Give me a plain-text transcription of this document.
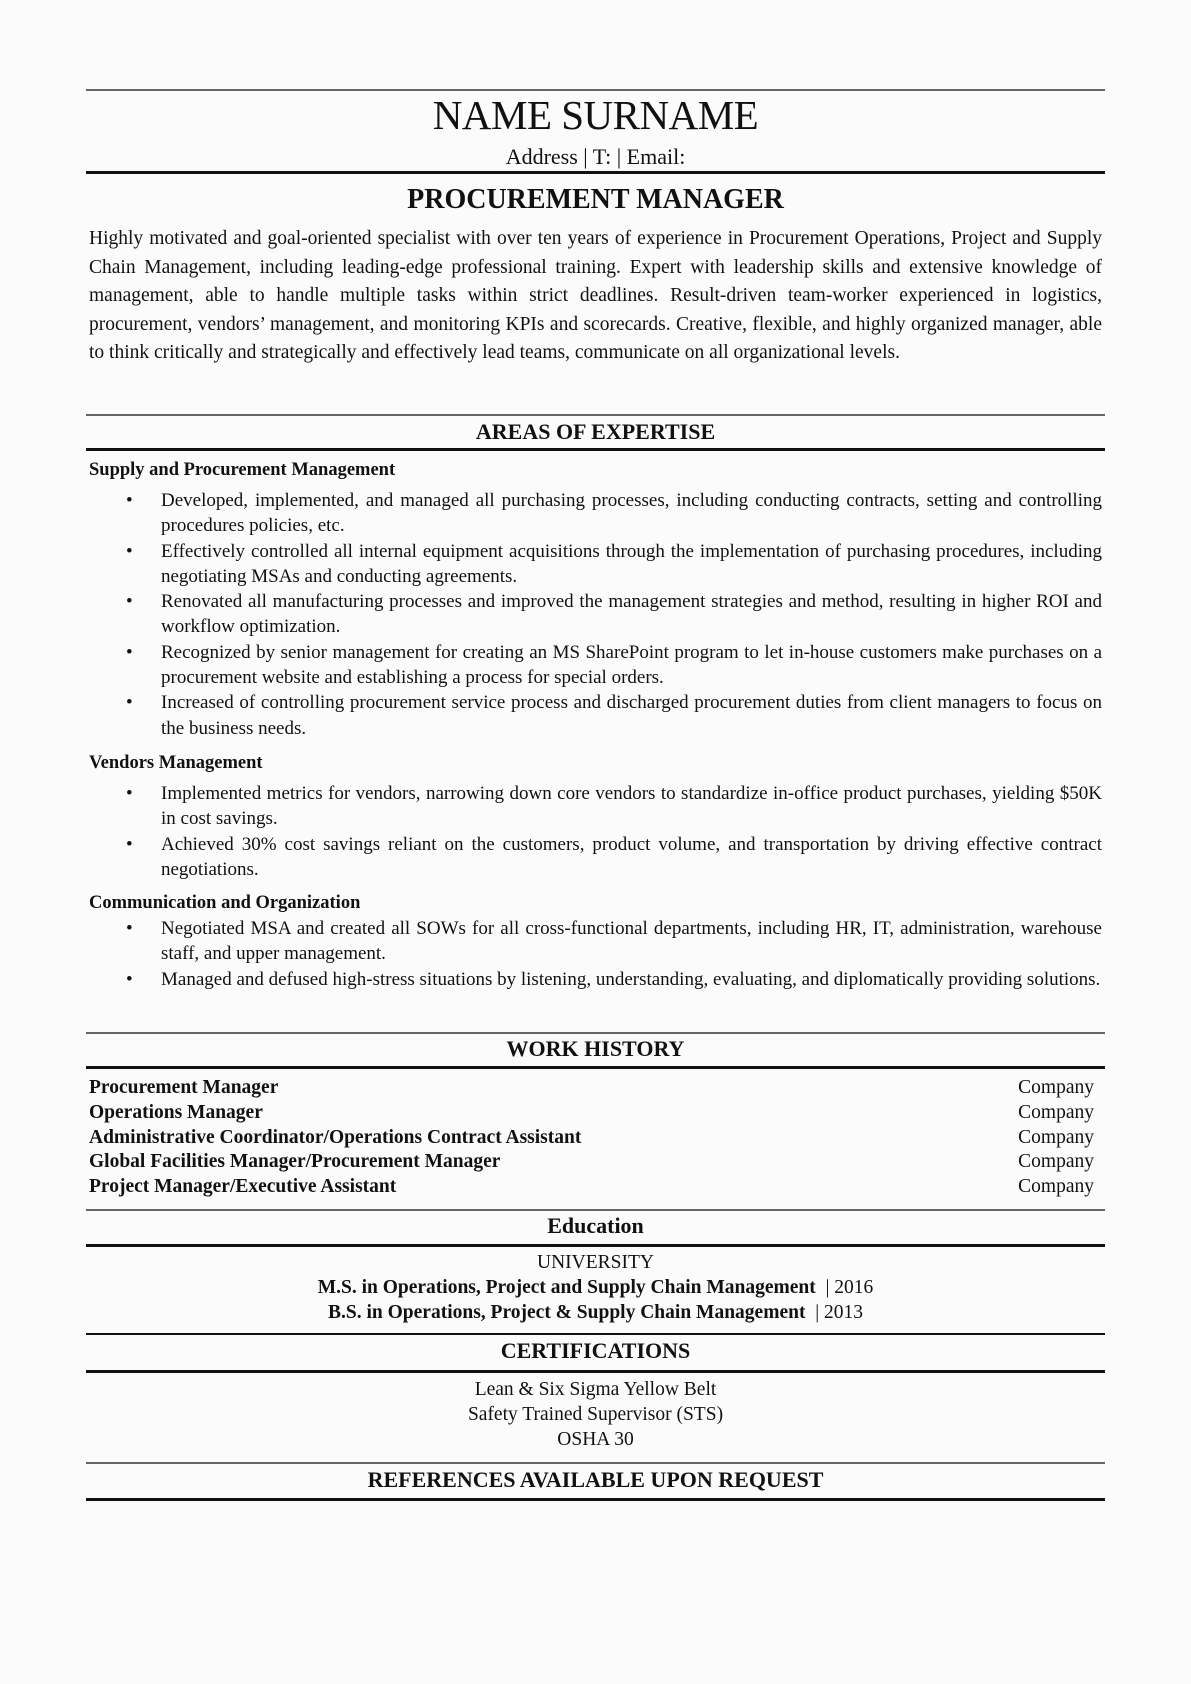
NAME SURNAME
Address | T: | Email:
PROCUREMENT MANAGER
Highly motivated and goal-oriented specialist with over ten years of experience in Procurement Operations, Project and Supply Chain Management, including leading-edge professional training. Expert with leadership skills and extensive knowledge of management, able to handle multiple tasks within strict deadlines. Result-driven team-worker experienced in logistics, procurement, vendors’ management, and monitoring KPIs and scorecards. Creative, flexible, and highly organized manager, able to think critically and strategically and effectively lead teams, communicate on all organizational levels.
AREAS OF EXPERTISE
Supply and Procurement Management
• Developed, implemented, and managed all purchasing processes, including conducting contracts, setting and controlling procedures policies, etc.
• Effectively controlled all internal equipment acquisitions through the implementation of purchasing procedures, including negotiating MSAs and conducting agreements.
• Renovated all manufacturing processes and improved the management strategies and method, resulting in higher ROI and workflow optimization.
• Recognized by senior management for creating an MS SharePoint program to let in-house customers make purchases on a procurement website and establishing a process for special orders.
• Increased of controlling procurement service process and discharged procurement duties from client managers to focus on the business needs.
Vendors Management
• Implemented metrics for vendors, narrowing down core vendors to standardize in-office product purchases, yielding $50K in cost savings.
• Achieved 30% cost savings reliant on the customers, product volume, and transportation by driving effective contract negotiations.
Communication and Organization
• Negotiated MSA and created all SOWs for all cross-functional departments, including HR, IT, administration, warehouse staff, and upper management.
• Managed and defused high-stress situations by listening, understanding, evaluating, and diplomatically providing solutions.
WORK HISTORY
Procurement Manager	Company
Operations Manager	Company
Administrative Coordinator/Operations Contract Assistant	Company
Global Facilities Manager/Procurement Manager	Company
Project Manager/Executive Assistant	Company
Education
UNIVERSITY
M.S. in Operations, Project and Supply Chain Management | 2016
B.S. in Operations, Project & Supply Chain Management | 2013
CERTIFICATIONS
Lean & Six Sigma Yellow Belt
Safety Trained Supervisor (STS)
OSHA 30
REFERENCES AVAILABLE UPON REQUEST
